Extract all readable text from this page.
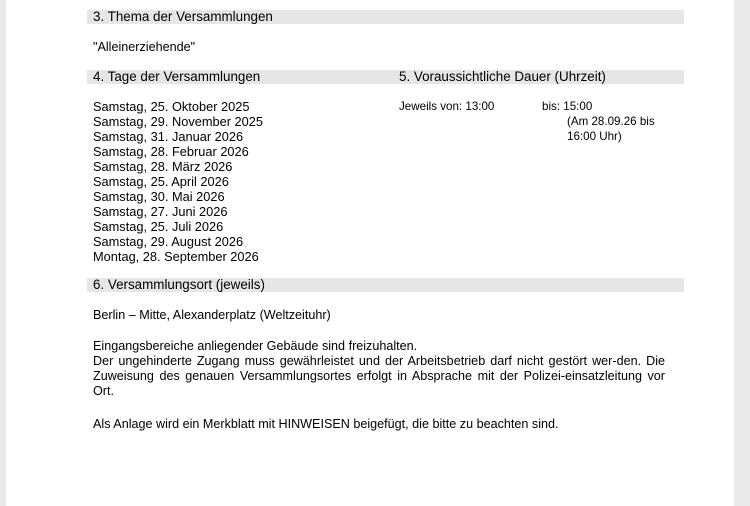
3. Thema der Versammlungen
"Alleinerziehende"
4. Tage der Versammlungen	5. Voraussichtliche Dauer (Uhrzeit)
Samstag, 25. Oktober 2025
Samstag, 29. November 2025
Samstag, 31. Januar 2026
Samstag, 28. Februar 2026
Samstag, 28. März 2026
Samstag, 25. April 2026
Samstag, 30. Mai 2026
Samstag, 27. Juni 2026
Samstag, 25. Juli 2026
Samstag, 29. August 2026
Montag, 28. September 2026
Jeweils von: 13:00	bis: 15:00
(Am 28.09.26 bis
16:00 Uhr)
6. Versammlungsort (jeweils)
Berlin – Mitte, Alexanderplatz (Weltzeituhr)
Eingangsbereiche anliegender Gebäude sind freizuhalten.
Der ungehinderte Zugang muss gewährleistet und der Arbeitsbetrieb darf nicht gestört wer-den. Die Zuweisung des genauen Versammlungsortes erfolgt in Absprache mit der Polizei-einsatzleitung vor Ort.
Als Anlage wird ein Merkblatt mit HINWEISEN beigefügt, die bitte zu beachten sind.
